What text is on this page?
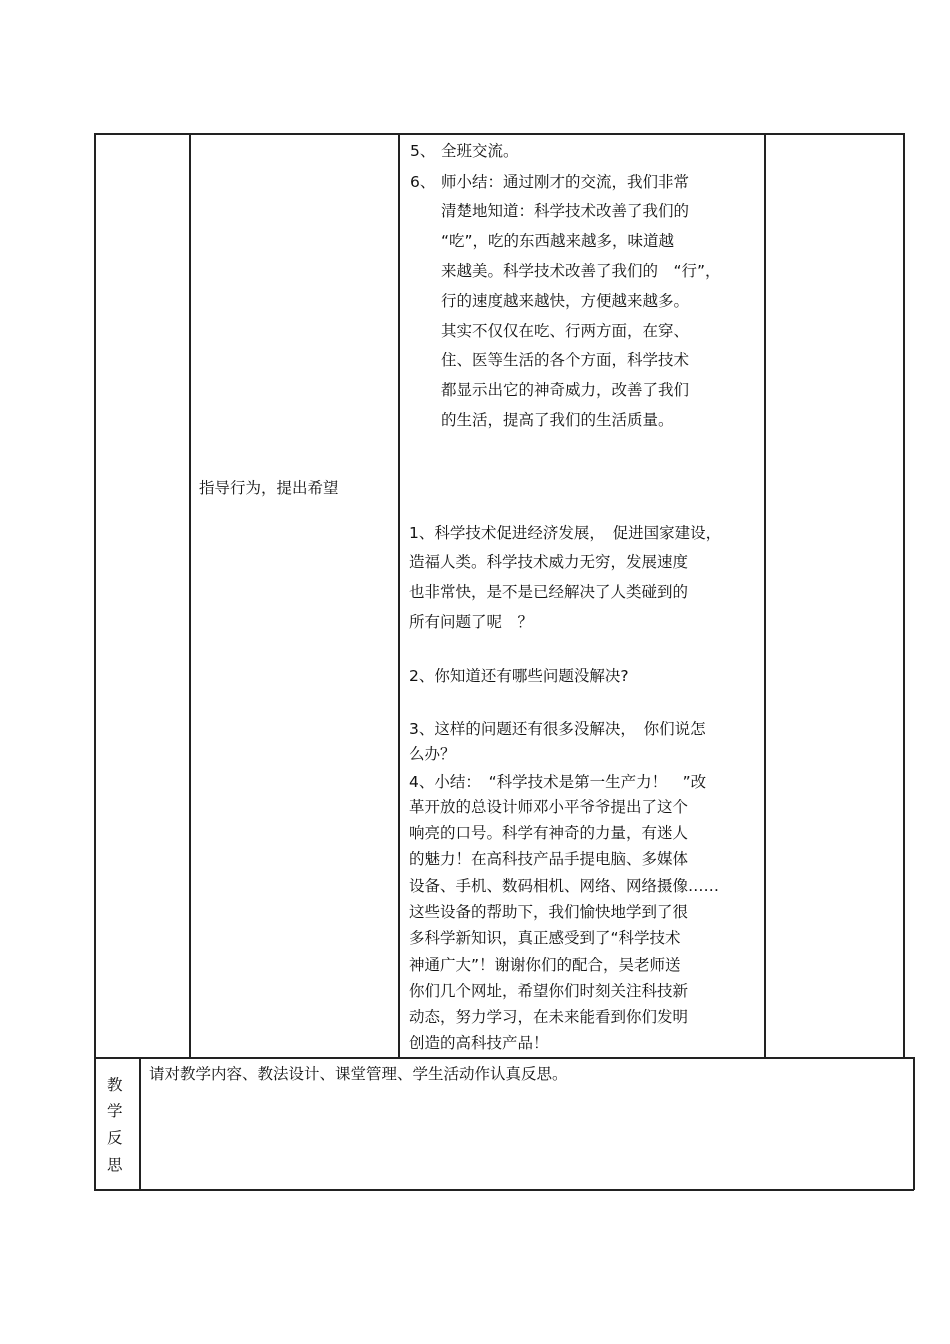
指导行为，提出希望
5、 全班交流。
6、 师小结：通过刚才的交流，我们非常
清楚地知道：科学技术改善了我们的
“吃”，吃的东西越来越多，味道越
来越美。科学技术改善了我们的　“行”，
行的速度越来越快，方便越来越多。
其实不仅仅在吃、行两方面，在穿、
住、医等生活的各个方面，科学技术
都显示出它的神奇威力，改善了我们
的生活，提高了我们的生活质量。
1、科学技术促进经济发展，　促进国家建设，
造福人类。科学技术威力无穷，发展速度
也非常快，是不是已经解决了人类碰到的
所有问题了呢　？
2、你知道还有哪些问题没解决?
3、这样的问题还有很多没解决，　你们说怎
么办？
4、小结：　“科学技术是第一生产力！　”改
革开放的总设计师邓小平爷爷提出了这个
响亮的口号。科学有神奇的力量，有迷人
的魅力！在高科技产品手提电脑、多媒体
设备、手机、数码相机、网络、网络摄像……
这些设备的帮助下，我们愉快地学到了很
多科学新知识，真正感受到了“科学技术
神通广大”！谢谢你们的配合，吴老师送
你们几个网址，希望你们时刻关注科技新
动态，努力学习，在未来能看到你们发明
创造的高科技产品！
教
学
反
思
请对教学内容、教法设计、课堂管理、学生活动作认真反思。
